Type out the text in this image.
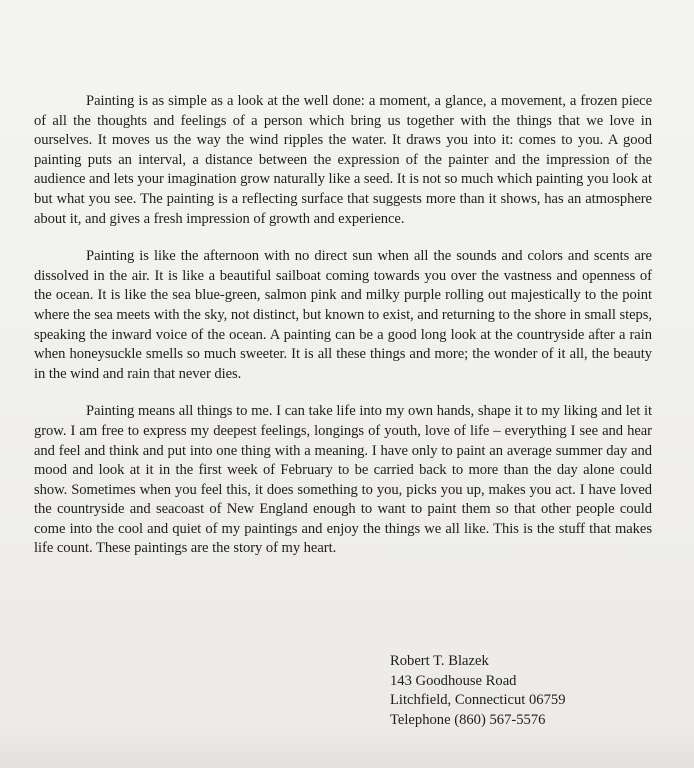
Painting is as simple as a look at the well done: a moment, a glance, a movement, a frozen piece of all the thoughts and feelings of a person which bring us together with the things that we love in ourselves. It moves us the way the wind ripples the water. It draws you into it: comes to you. A good painting puts an interval, a distance between the expression of the painter and the impression of the audience and lets your imagination grow naturally like a seed. It is not so much which painting you look at but what you see. The painting is a reflecting surface that suggests more than it shows, has an atmosphere about it, and gives a fresh impression of growth and experience.

Painting is like the afternoon with no direct sun when all the sounds and colors and scents are dissolved in the air. It is like a beautiful sailboat coming towards you over the vastness and openness of the ocean. It is like the sea blue-green, salmon pink and milky purple rolling out majestically to the point where the sea meets with the sky, not distinct, but known to exist, and returning to the shore in small steps, speaking the inward voice of the ocean. A painting can be a good long look at the countryside after a rain when honeysuckle smells so much sweeter. It is all these things and more; the wonder of it all, the beauty in the wind and rain that never dies.

Painting means all things to me. I can take life into my own hands, shape it to my liking and let it grow. I am free to express my deepest feelings, longings of youth, love of life – everything I see and hear and feel and think and put into one thing with a meaning. I have only to paint an average summer day and mood and look at it in the first week of February to be carried back to more than the day alone could show. Sometimes when you feel this, it does something to you, picks you up, makes you act. I have loved the countryside and seacoast of New England enough to want to paint them so that other people could come into the cool and quiet of my paintings and enjoy the things we all like. This is the stuff that makes life count. These paintings are the story of my heart.

Robert T. Blazek
143 Goodhouse Road
Litchfield, Connecticut 06759
Telephone (860) 567-5576
